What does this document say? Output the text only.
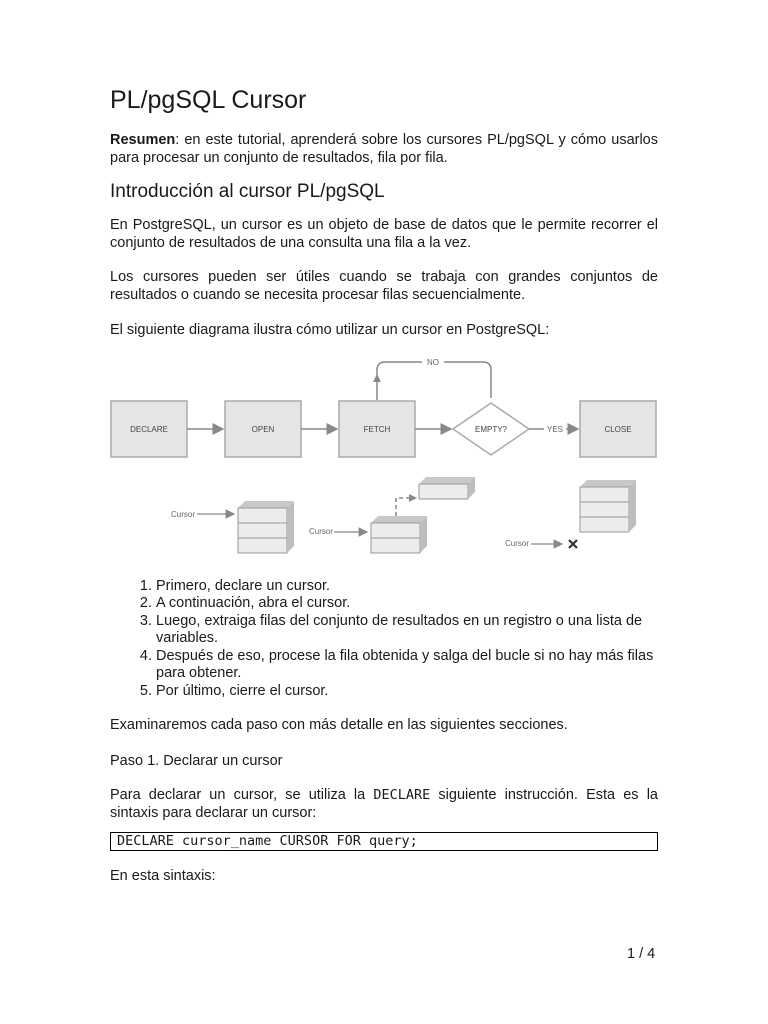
PL/pgSQL Cursor

Resumen: en este tutorial, aprenderá sobre los cursores PL/pgSQL y cómo usarlos para procesar un conjunto de resultados, fila por fila.

Introducción al cursor PL/pgSQL

En PostgreSQL, un cursor es un objeto de base de datos que le permite recorrer el conjunto de resultados de una consulta una fila a la vez.

Los cursores pueden ser útiles cuando se trabaja con grandes conjuntos de resultados o cuando se necesita procesar filas secuencialmente.

El siguiente diagrama ilustra cómo utilizar un cursor en PostgreSQL:

NO
DECLARE	OPEN	FETCH	EMPTY?	CLOSE
YES
Cursor
Cursor
Cursor
1. Primero, declare un cursor.
2. A continuación, abra el cursor.
3. Luego, extraiga filas del conjunto de resultados en un registro o una lista de variables.
4. Después de eso, procese la fila obtenida y salga del bucle si no hay más filas para obtener.
5. Por último, cierre el cursor.

Examinaremos cada paso con más detalle en las siguientes secciones.

Paso 1. Declarar un cursor

Para declarar un cursor, se utiliza la DECLARE siguiente instrucción. Esta es la sintaxis para declarar un cursor:

DECLARE cursor_name CURSOR FOR query;

En esta sintaxis:

1 / 4
